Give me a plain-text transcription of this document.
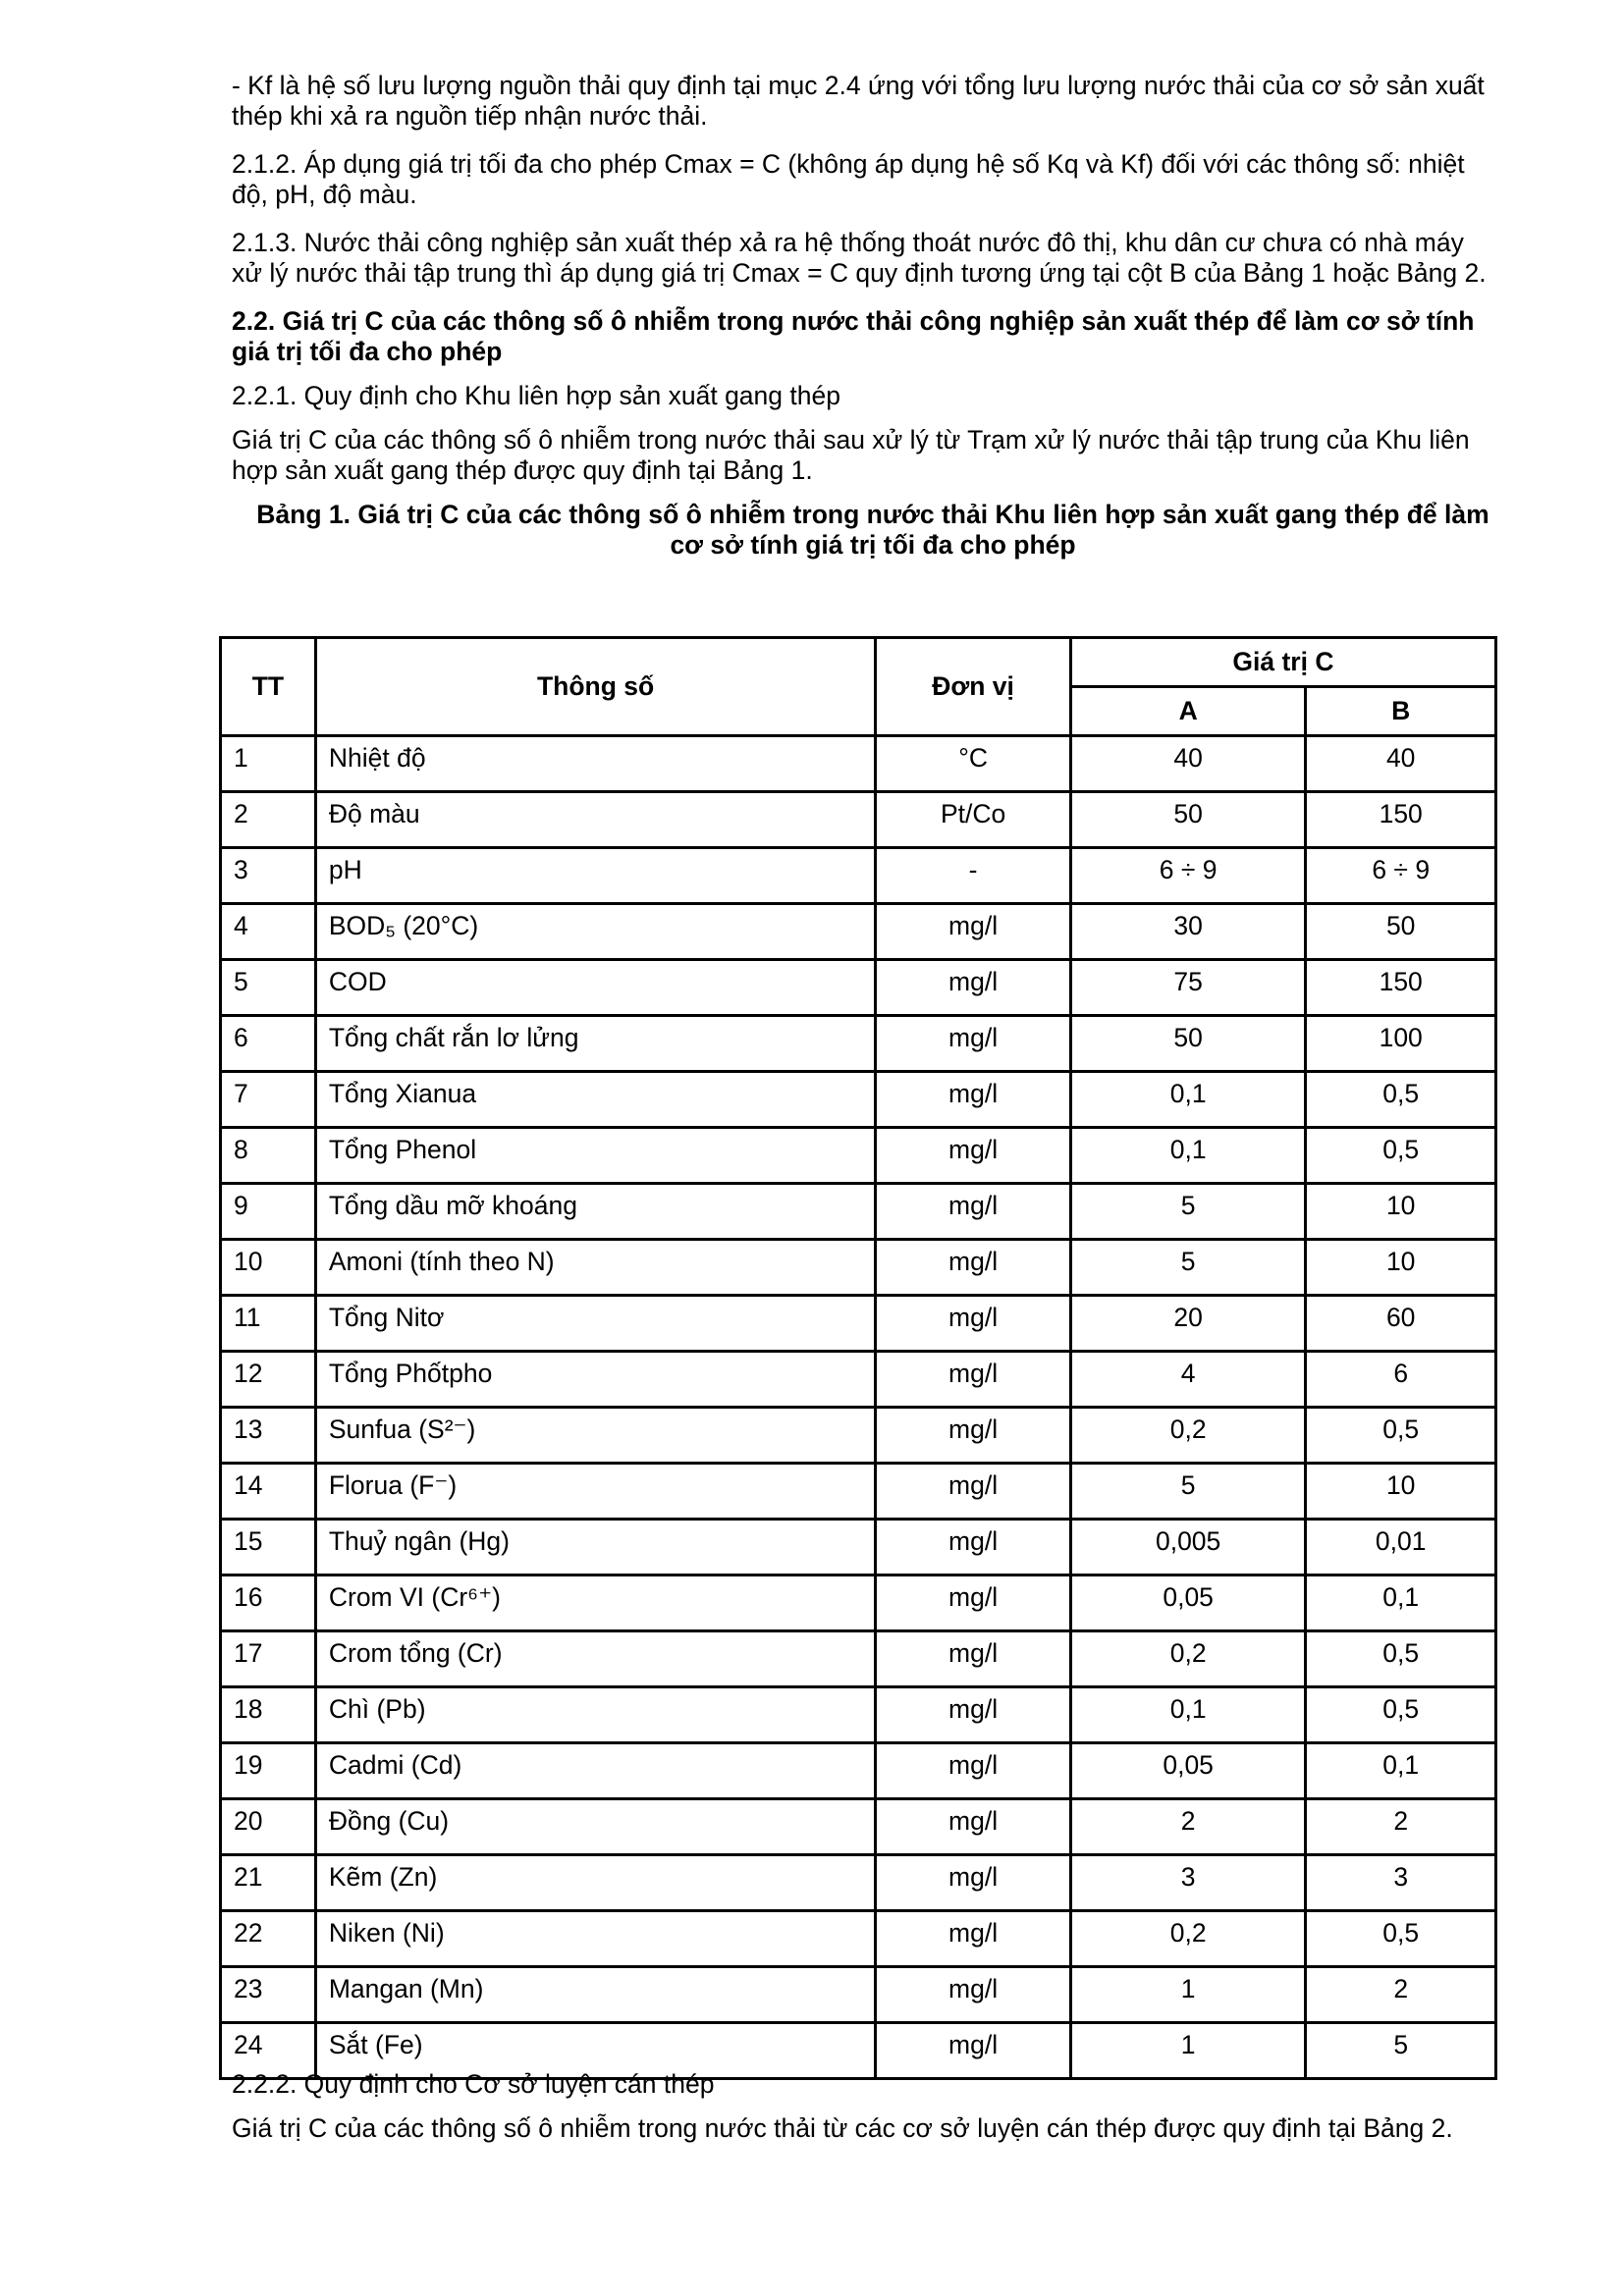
- Kf là hệ số lưu lượng nguồn thải quy định tại mục 2.4 ứng với tổng lưu lượng nước thải của cơ sở sản xuất thép khi xả ra nguồn tiếp nhận nước thải.

2.1.2. Áp dụng giá trị tối đa cho phép Cmax = C (không áp dụng hệ số Kq và Kf) đối với các thông số: nhiệt độ, pH, độ màu.

2.1.3. Nước thải công nghiệp sản xuất thép xả ra hệ thống thoát nước đô thị, khu dân cư chưa có nhà máy xử lý nước thải tập trung thì áp dụng giá trị Cmax = C quy định tương ứng tại cột B của Bảng 1 hoặc Bảng 2.

2.2. Giá trị C của các thông số ô nhiễm trong nước thải công nghiệp sản xuất thép để làm cơ sở tính giá trị tối đa cho phép

2.2.1. Quy định cho Khu liên hợp sản xuất gang thép

Giá trị C của các thông số ô nhiễm trong nước thải sau xử lý từ Trạm xử lý nước thải tập trung của Khu liên hợp sản xuất gang thép được quy định tại Bảng 1.

Bảng 1. Giá trị C của các thông số ô nhiễm trong nước thải Khu liên hợp sản xuất gang thép để làm cơ sở tính giá trị tối đa cho phép

TT	Thông số	Đơn vị	Giá trị C	
			A	B
1	Nhiệt độ	°C	40	40
2	Độ màu	Pt/Co	50	150
3	pH	-	6 ÷ 9	6 ÷ 9
4	BOD₅ (20°C)	mg/l	30	50
5	COD	mg/l	75	150
6	Tổng chất rắn lơ lửng	mg/l	50	100
7	Tổng Xianua	mg/l	0,1	0,5
8	Tổng Phenol	mg/l	0,1	0,5
9	Tổng dầu mỡ khoáng	mg/l	5	10
10	Amoni (tính theo N)	mg/l	5	10
11	Tổng Nitơ	mg/l	20	60
12	Tổng Phốtpho	mg/l	4	6
13	Sunfua (S²⁻)	mg/l	0,2	0,5
14	Florua (F⁻)	mg/l	5	10
15	Thuỷ ngân (Hg)	mg/l	0,005	0,01
16	Crom VI (Cr⁶⁺)	mg/l	0,05	0,1
17	Crom tổng (Cr)	mg/l	0,2	0,5
18	Chì (Pb)	mg/l	0,1	0,5
19	Cadmi (Cd)	mg/l	0,05	0,1
20	Đồng (Cu)	mg/l	2	2
21	Kẽm (Zn)	mg/l	3	3
22	Niken (Ni)	mg/l	0,2	0,5
23	Mangan (Mn)	mg/l	1	2
24	Sắt (Fe)	mg/l	1	5

2.2.2. Quy định cho Cơ sở luyện cán thép

Giá trị C của các thông số ô nhiễm trong nước thải từ các cơ sở luyện cán thép được quy định tại Bảng 2.
